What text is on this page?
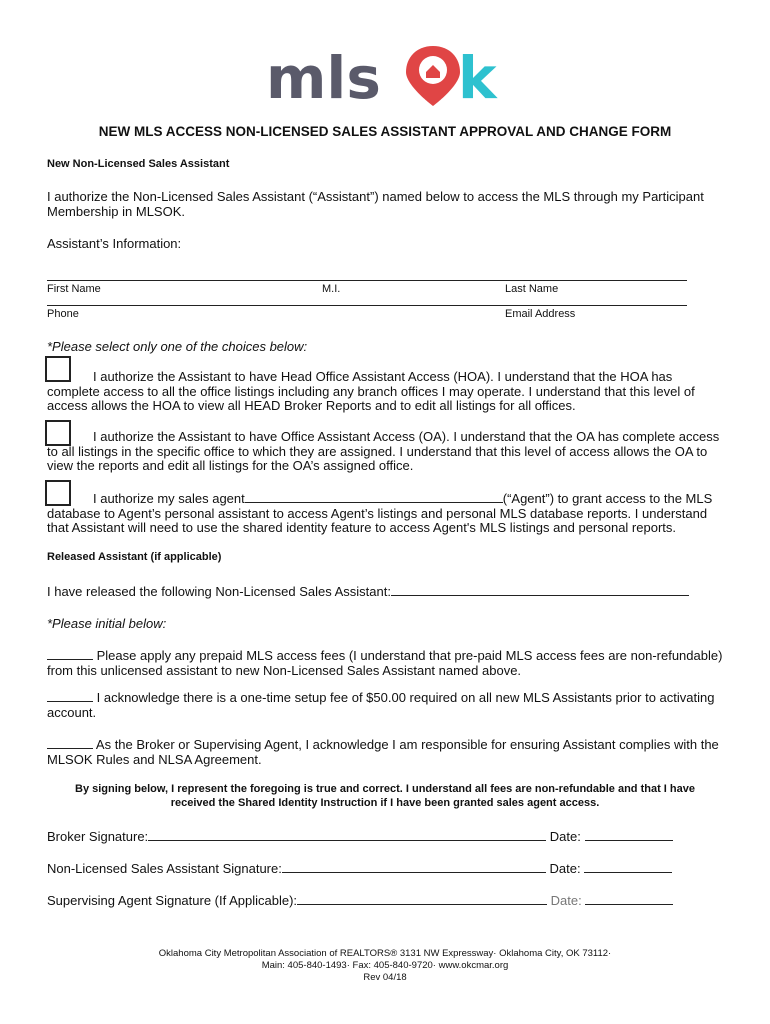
mls k
NEW MLS ACCESS NON-LICENSED SALES ASSISTANT APPROVAL AND CHANGE FORM
New Non-Licensed Sales Assistant
I authorize the Non-Licensed Sales Assistant (“Assistant”) named below to access the MLS through my Participant Membership in MLSOK.
Assistant’s Information:
First Name	M.I.	Last Name
Phone	Email Address
*Please select only one of the choices below:
I authorize the Assistant to have Head Office Assistant Access (HOA). I understand that the HOA has complete access to all the office listings including any branch offices I may operate. I understand that this level of access allows the HOA to view all HEAD Broker Reports and to edit all listings for all offices.
I authorize the Assistant to have Office Assistant Access (OA). I understand that the OA has complete access to all listings in the specific office to which they are assigned. I understand that this level of access allows the OA to view the reports and edit all listings for the OA’s assigned office.
I authorize my sales agent	(“Agent”) to grant access to the MLS database to Agent’s personal assistant to access Agent’s listings and personal MLS database reports. I understand that Assistant will need to use the shared identity feature to access Agent's MLS listings and personal reports.
Released Assistant (if applicable)
I have released the following Non-Licensed Sales Assistant:
*Please initial below:
Please apply any prepaid MLS access fees (I understand that pre-paid MLS access fees are non-refundable) from this unlicensed assistant to new Non-Licensed Sales Assistant named above.
I acknowledge there is a one-time setup fee of $50.00 required on all new MLS Assistants prior to activating account.
As the Broker or Supervising Agent, I acknowledge I am responsible for ensuring Assistant complies with the MLSOK Rules and NLSA Agreement.
By signing below, I represent the foregoing is true and correct. I understand all fees are non-refundable and that I have received the Shared Identity Instruction if I have been granted sales agent access.
Broker Signature:	Date:
Non-Licensed Sales Assistant Signature:	Date:
Supervising Agent Signature (If Applicable):	Date:
Oklahoma City Metropolitan Association of REALTORS® 3131 NW Expressway· Oklahoma City, OK 73112·
Main: 405-840-1493· Fax: 405-840-9720· www.okcmar.org
Rev 04/18
